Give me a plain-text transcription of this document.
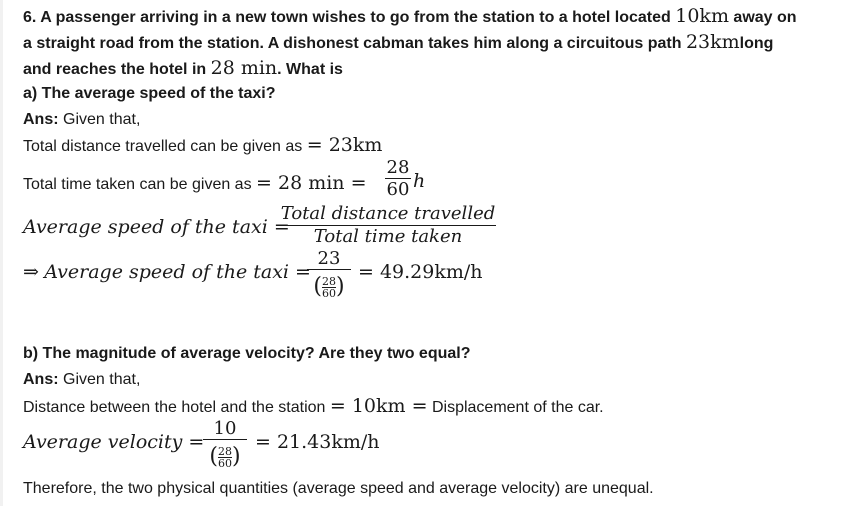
6. A passenger arriving in a new town wishes to go from the station to a hotel located 10km away on
a straight road from the station. A dishonest cabman takes him along a circuitous path 23kmlong
and reaches the hotel in 28 min. What is
a) The average speed of the taxi?
Ans: Given that,
Total distance travelled can be given as = 23km
Total time taken can be given as = 28 min =
28
60 h
Average speed of the taxi =
Total distance travelled
Total time taken
⇒ Average speed of the taxi =
23
( $\frac{28}{60}$ )
= 49.29km/h
b) The magnitude of average velocity? Are they two equal?
Ans: Given that,
Distance between the hotel and the station = 10km = Displacement of the car.
Average velocity =
10
( $\frac{28}{60}$ )
= 21.43km/h
Therefore, the two physical quantities (average speed and average velocity) are unequal.
